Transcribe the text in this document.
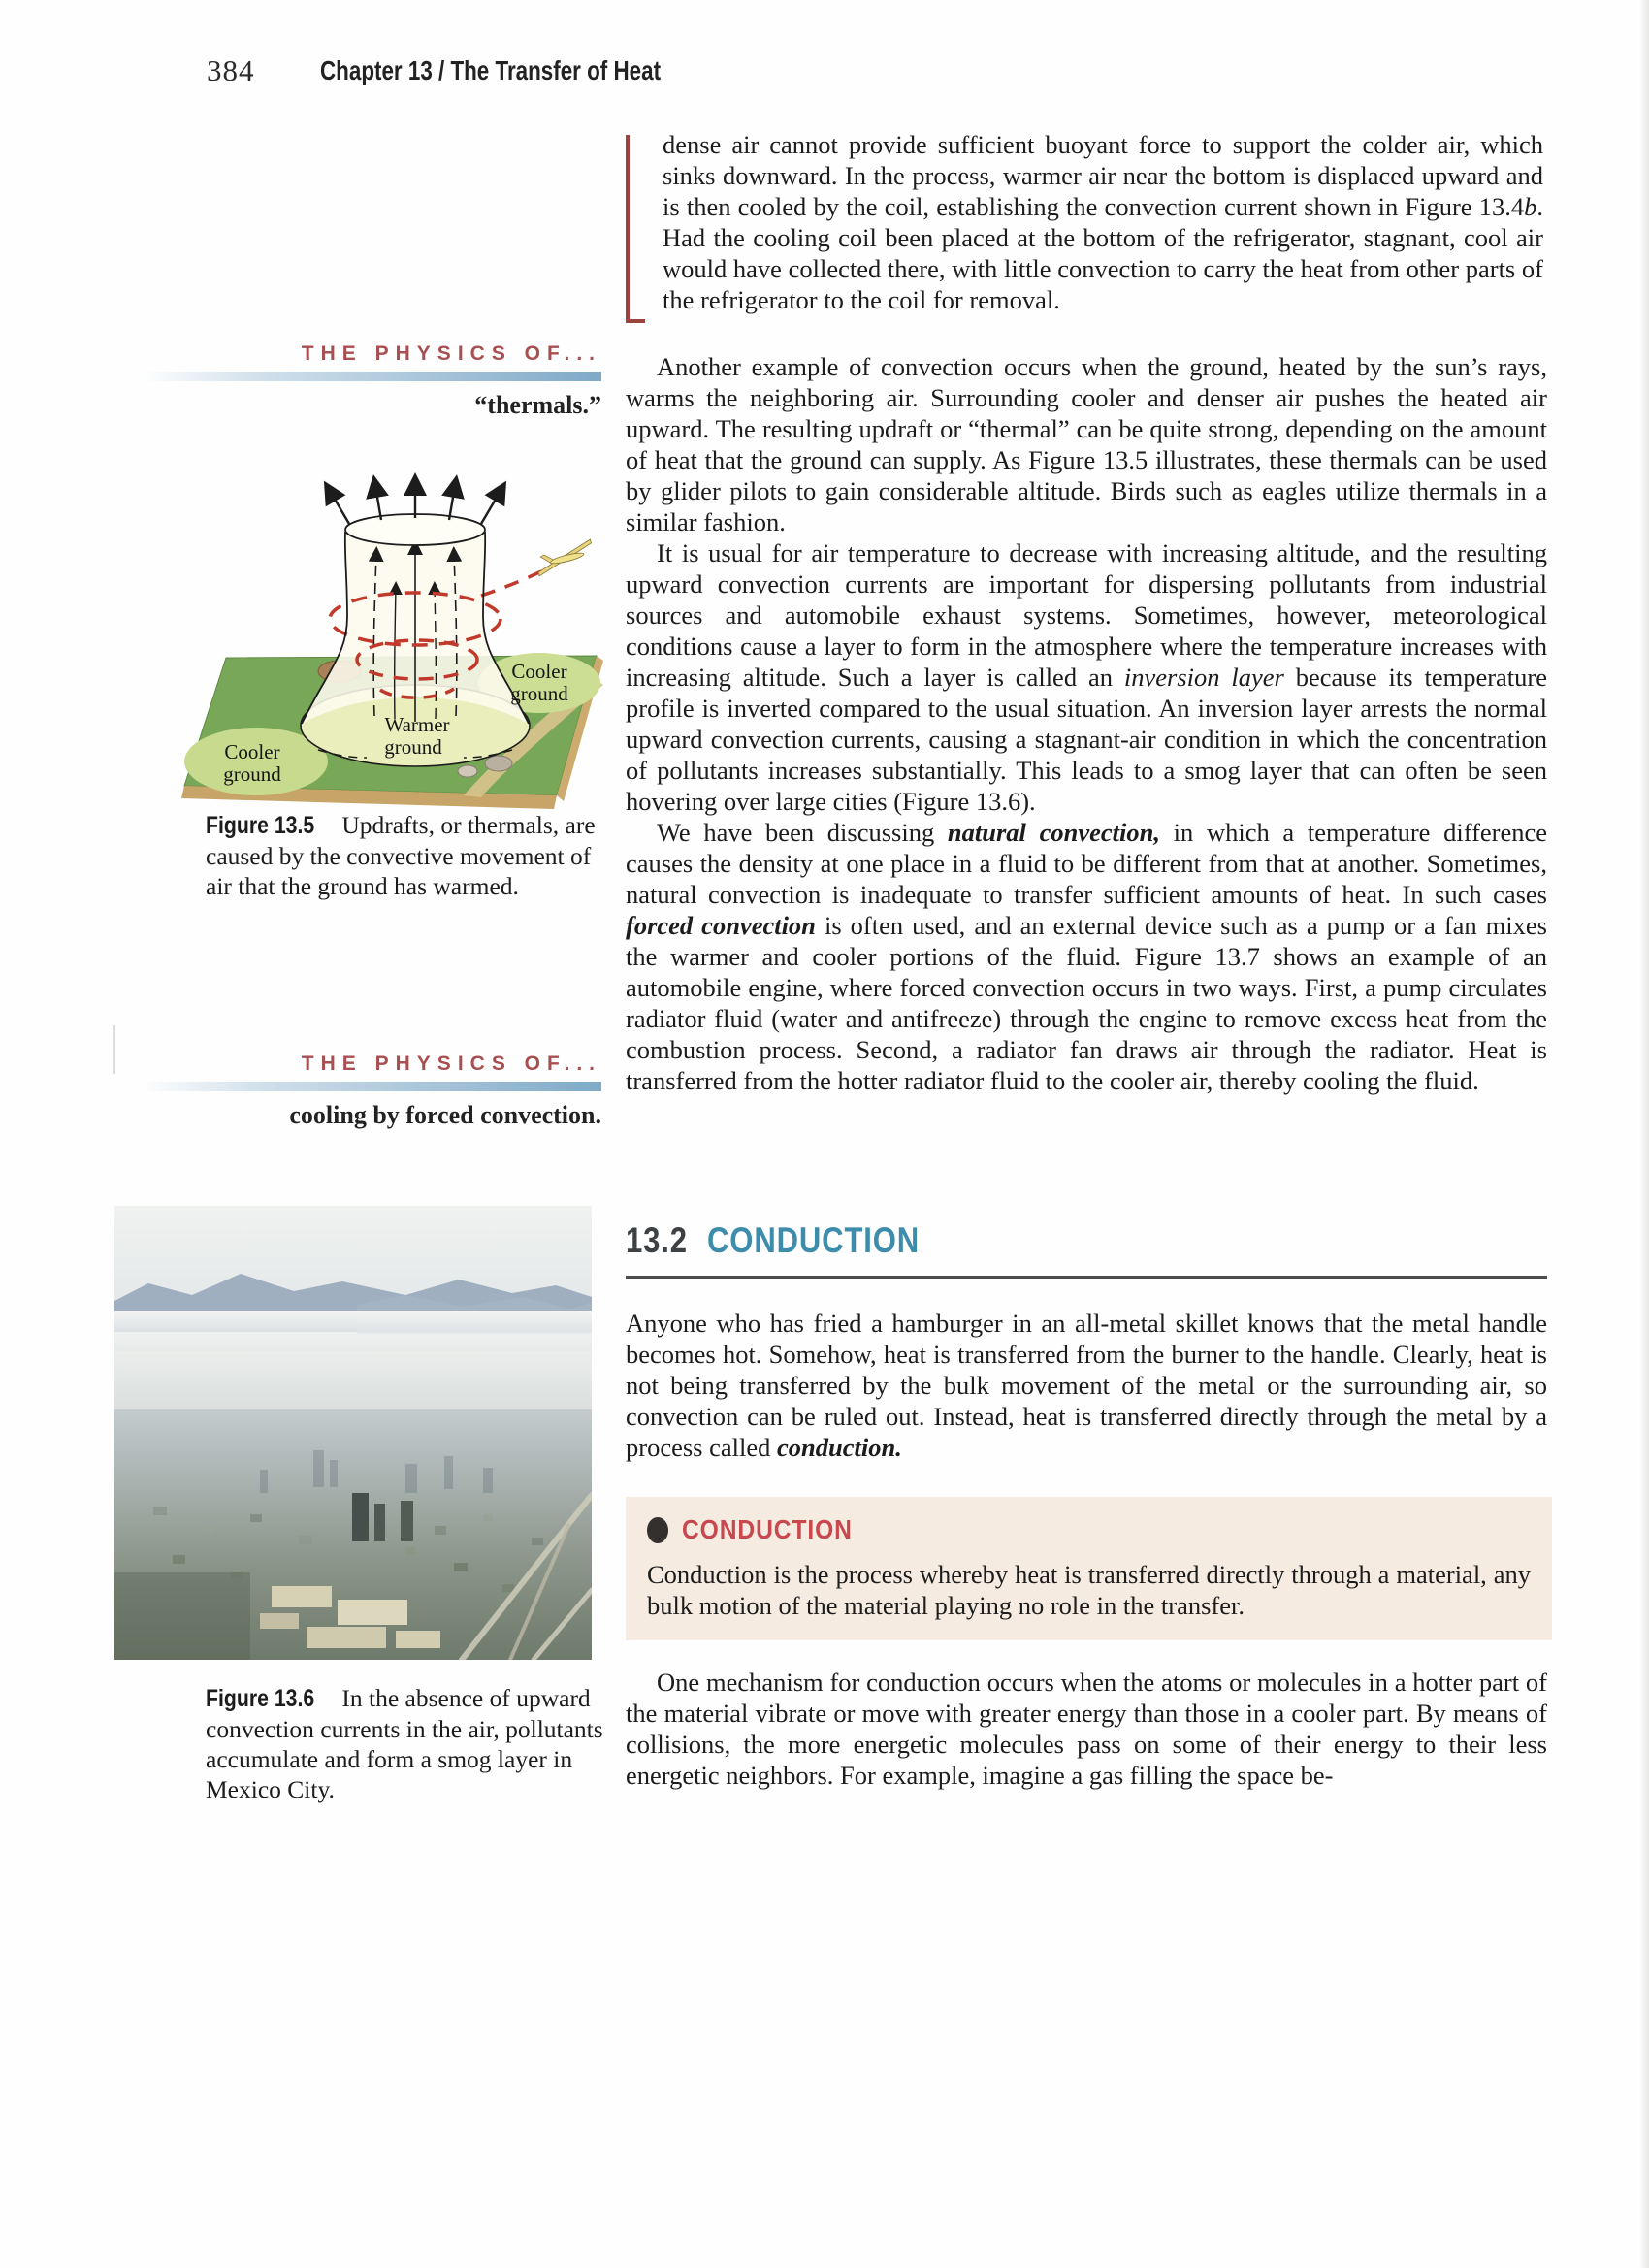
384 Chapter 13 / The Transfer of Heat

dense air cannot provide sufficient buoyant force to support the colder air, which sinks downward. In the process, warmer air near the bottom is displaced upward and is then cooled by the coil, establishing the convection current shown in Figure 13.4b. Had the cooling coil been placed at the bottom of the refrigerator, stagnant, cool air would have collected there, with little convection to carry the heat from other parts of the refrigerator to the coil for removal.

Another example of convection occurs when the ground, heated by the sun’s rays, warms the neighboring air. Surrounding cooler and denser air pushes the heated air upward. The resulting updraft or “thermal” can be quite strong, depending on the amount of heat that the ground can supply. As Figure 13.5 illustrates, these thermals can be used by glider pilots to gain considerable altitude. Birds such as eagles utilize thermals in a similar fashion.

It is usual for air temperature to decrease with increasing altitude, and the resulting upward convection currents are important for dispersing pollutants from industrial sources and automobile exhaust systems. Sometimes, however, meteorological conditions cause a layer to form in the atmosphere where the temperature increases with increasing altitude. Such a layer is called an inversion layer because its temperature profile is inverted compared to the usual situation. An inversion layer arrests the normal upward convection currents, causing a stagnant-air condition in which the concentration of pollutants increases substantially. This leads to a smog layer that can often be seen hovering over large cities (Figure 13.6).

We have been discussing natural convection, in which a temperature difference causes the density at one place in a fluid to be different from that at another. Sometimes, natural convection is inadequate to transfer sufficient amounts of heat. In such cases forced convection is often used, and an external device such as a pump or a fan mixes the warmer and cooler portions of the fluid. Figure 13.7 shows an example of an automobile engine, where forced convection occurs in two ways. First, a pump circulates radiator fluid (water and antifreeze) through the engine to remove excess heat from the combustion process. Second, a radiator fan draws air through the radiator. Heat is transferred from the hotter radiator fluid to the cooler air, thereby cooling the fluid.

THE PHYSICS OF...
“thermals.”
Cooler
ground
Warmer
ground
Cooler
ground
Figure 13.5 Updrafts, or thermals, are caused by the convective movement of air that the ground has warmed.
THE PHYSICS OF...
cooling by forced convection.
Figure 13.6 In the absence of upward convection currents in the air, pollutants accumulate and form a smog layer in Mexico City.
13.2 CONDUCTION

Anyone who has fried a hamburger in an all-metal skillet knows that the metal handle becomes hot. Somehow, heat is transferred from the burner to the handle. Clearly, heat is not being transferred by the bulk movement of the metal or the surrounding air, so convection can be ruled out. Instead, heat is transferred directly through the metal by a process called conduction.

CONDUCTION

Conduction is the process whereby heat is transferred directly through a material, any bulk motion of the material playing no role in the transfer.

One mechanism for conduction occurs when the atoms or molecules in a hotter part of the material vibrate or move with greater energy than those in a cooler part. By means of collisions, the more energetic molecules pass on some of their energy to their less energetic neighbors. For example, imagine a gas filling the space be-
